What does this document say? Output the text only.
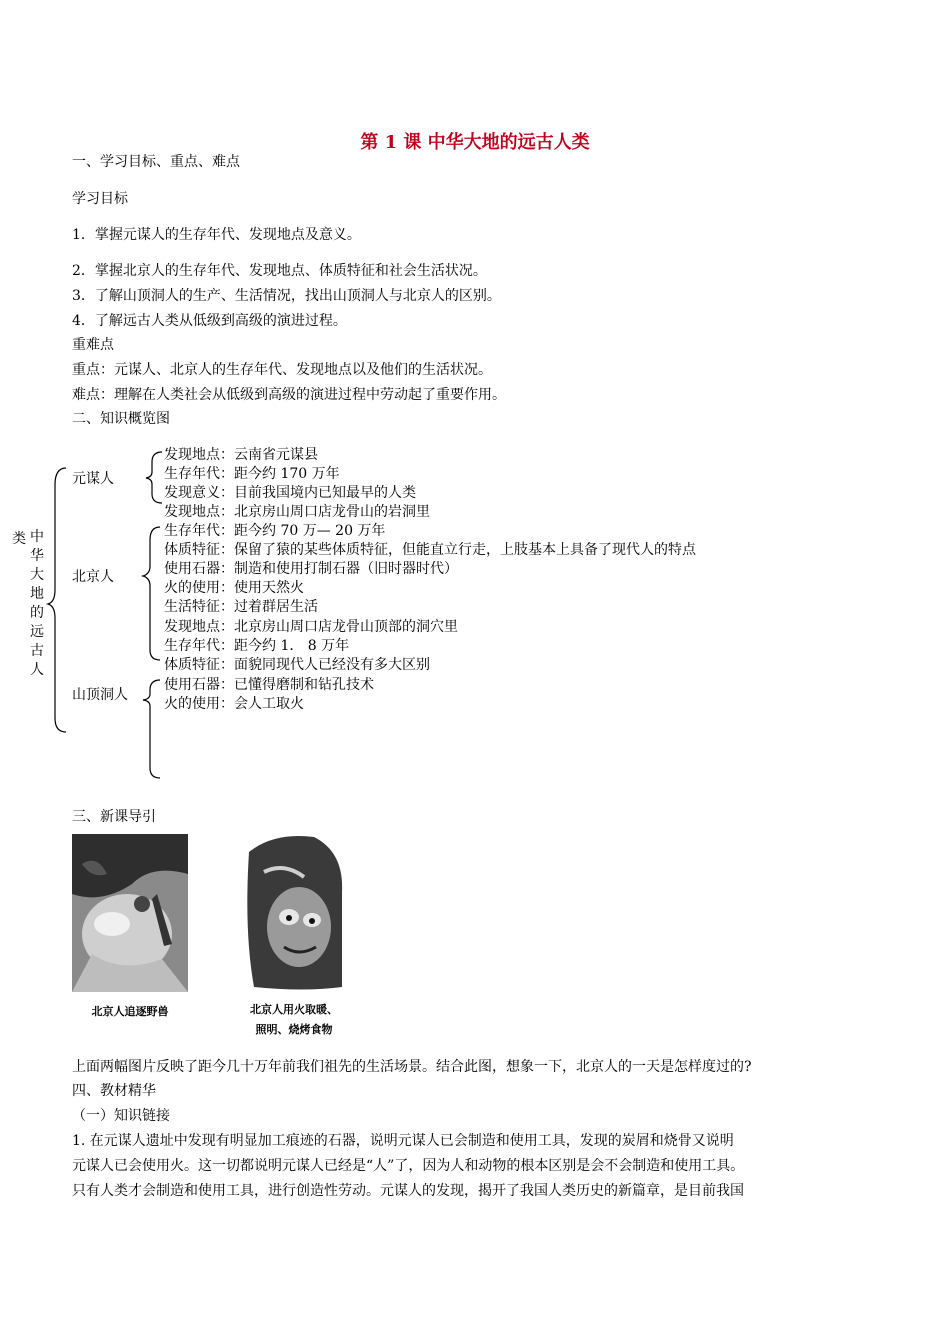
第 1 课 中华大地的远古人类
一、学习目标、重点、难点
学习目标
1．掌握元谋人的生存年代、发现地点及意义。
2．掌握北京人的生存年代、发现地点、体质特征和社会生活状况。
3．了解山顶洞人的生产、生活情况，找出山顶洞人与北京人的区别。
4．了解远古人类从低级到高级的演进过程。
重难点
重点：元谋人、北京人的生存年代、发现地点以及他们的生活状况。
难点：理解在人类社会从低级到高级的演进过程中劳动起了重要作用。
二、知识概览图
类 中
华
大
地
的
远
古
人
元谋人
北京人
山顶洞人
发现地点：云南省元谋县
生存年代：距今约 170 万年
发现意义：目前我国境内已知最早的人类
发现地点：北京房山周口店龙骨山的岩洞里
生存年代：距今约 70 万— 20 万年
体质特征：保留了猿的某些体质特征，但能直立行走，上肢基本上具备了现代人的特点
使用石器：制造和使用打制石器（旧时器时代）
火的使用：使用天然火
生活特征：过着群居生活
发现地点：北京房山周口店龙骨山顶部的洞穴里
生存年代：距今约 1． 8 万年
体质特征：面貌同现代人已经没有多大区别
使用石器：已懂得磨制和钻孔技术
火的使用：会人工取火
三、新课导引
北京人追逐野兽	北京人用火取暖、
照明、烧烤食物
上面两幅图片反映了距今几十万年前我们祖先的生活场景。结合此图，想象一下，北京人的一天是怎样度过的?
四、教材精华
（一）知识链接
1. 在元谋人遗址中发现有明显加工痕迹的石器，说明元谋人已会制造和使用工具，发现的炭屑和烧骨又说明
元谋人已会使用火。这一切都说明元谋人已经是“人”了，因为人和动物的根本区别是会不会制造和使用工具。
只有人类才会制造和使用工具，进行创造性劳动。元谋人的发现，揭开了我国人类历史的新篇章，是目前我国
